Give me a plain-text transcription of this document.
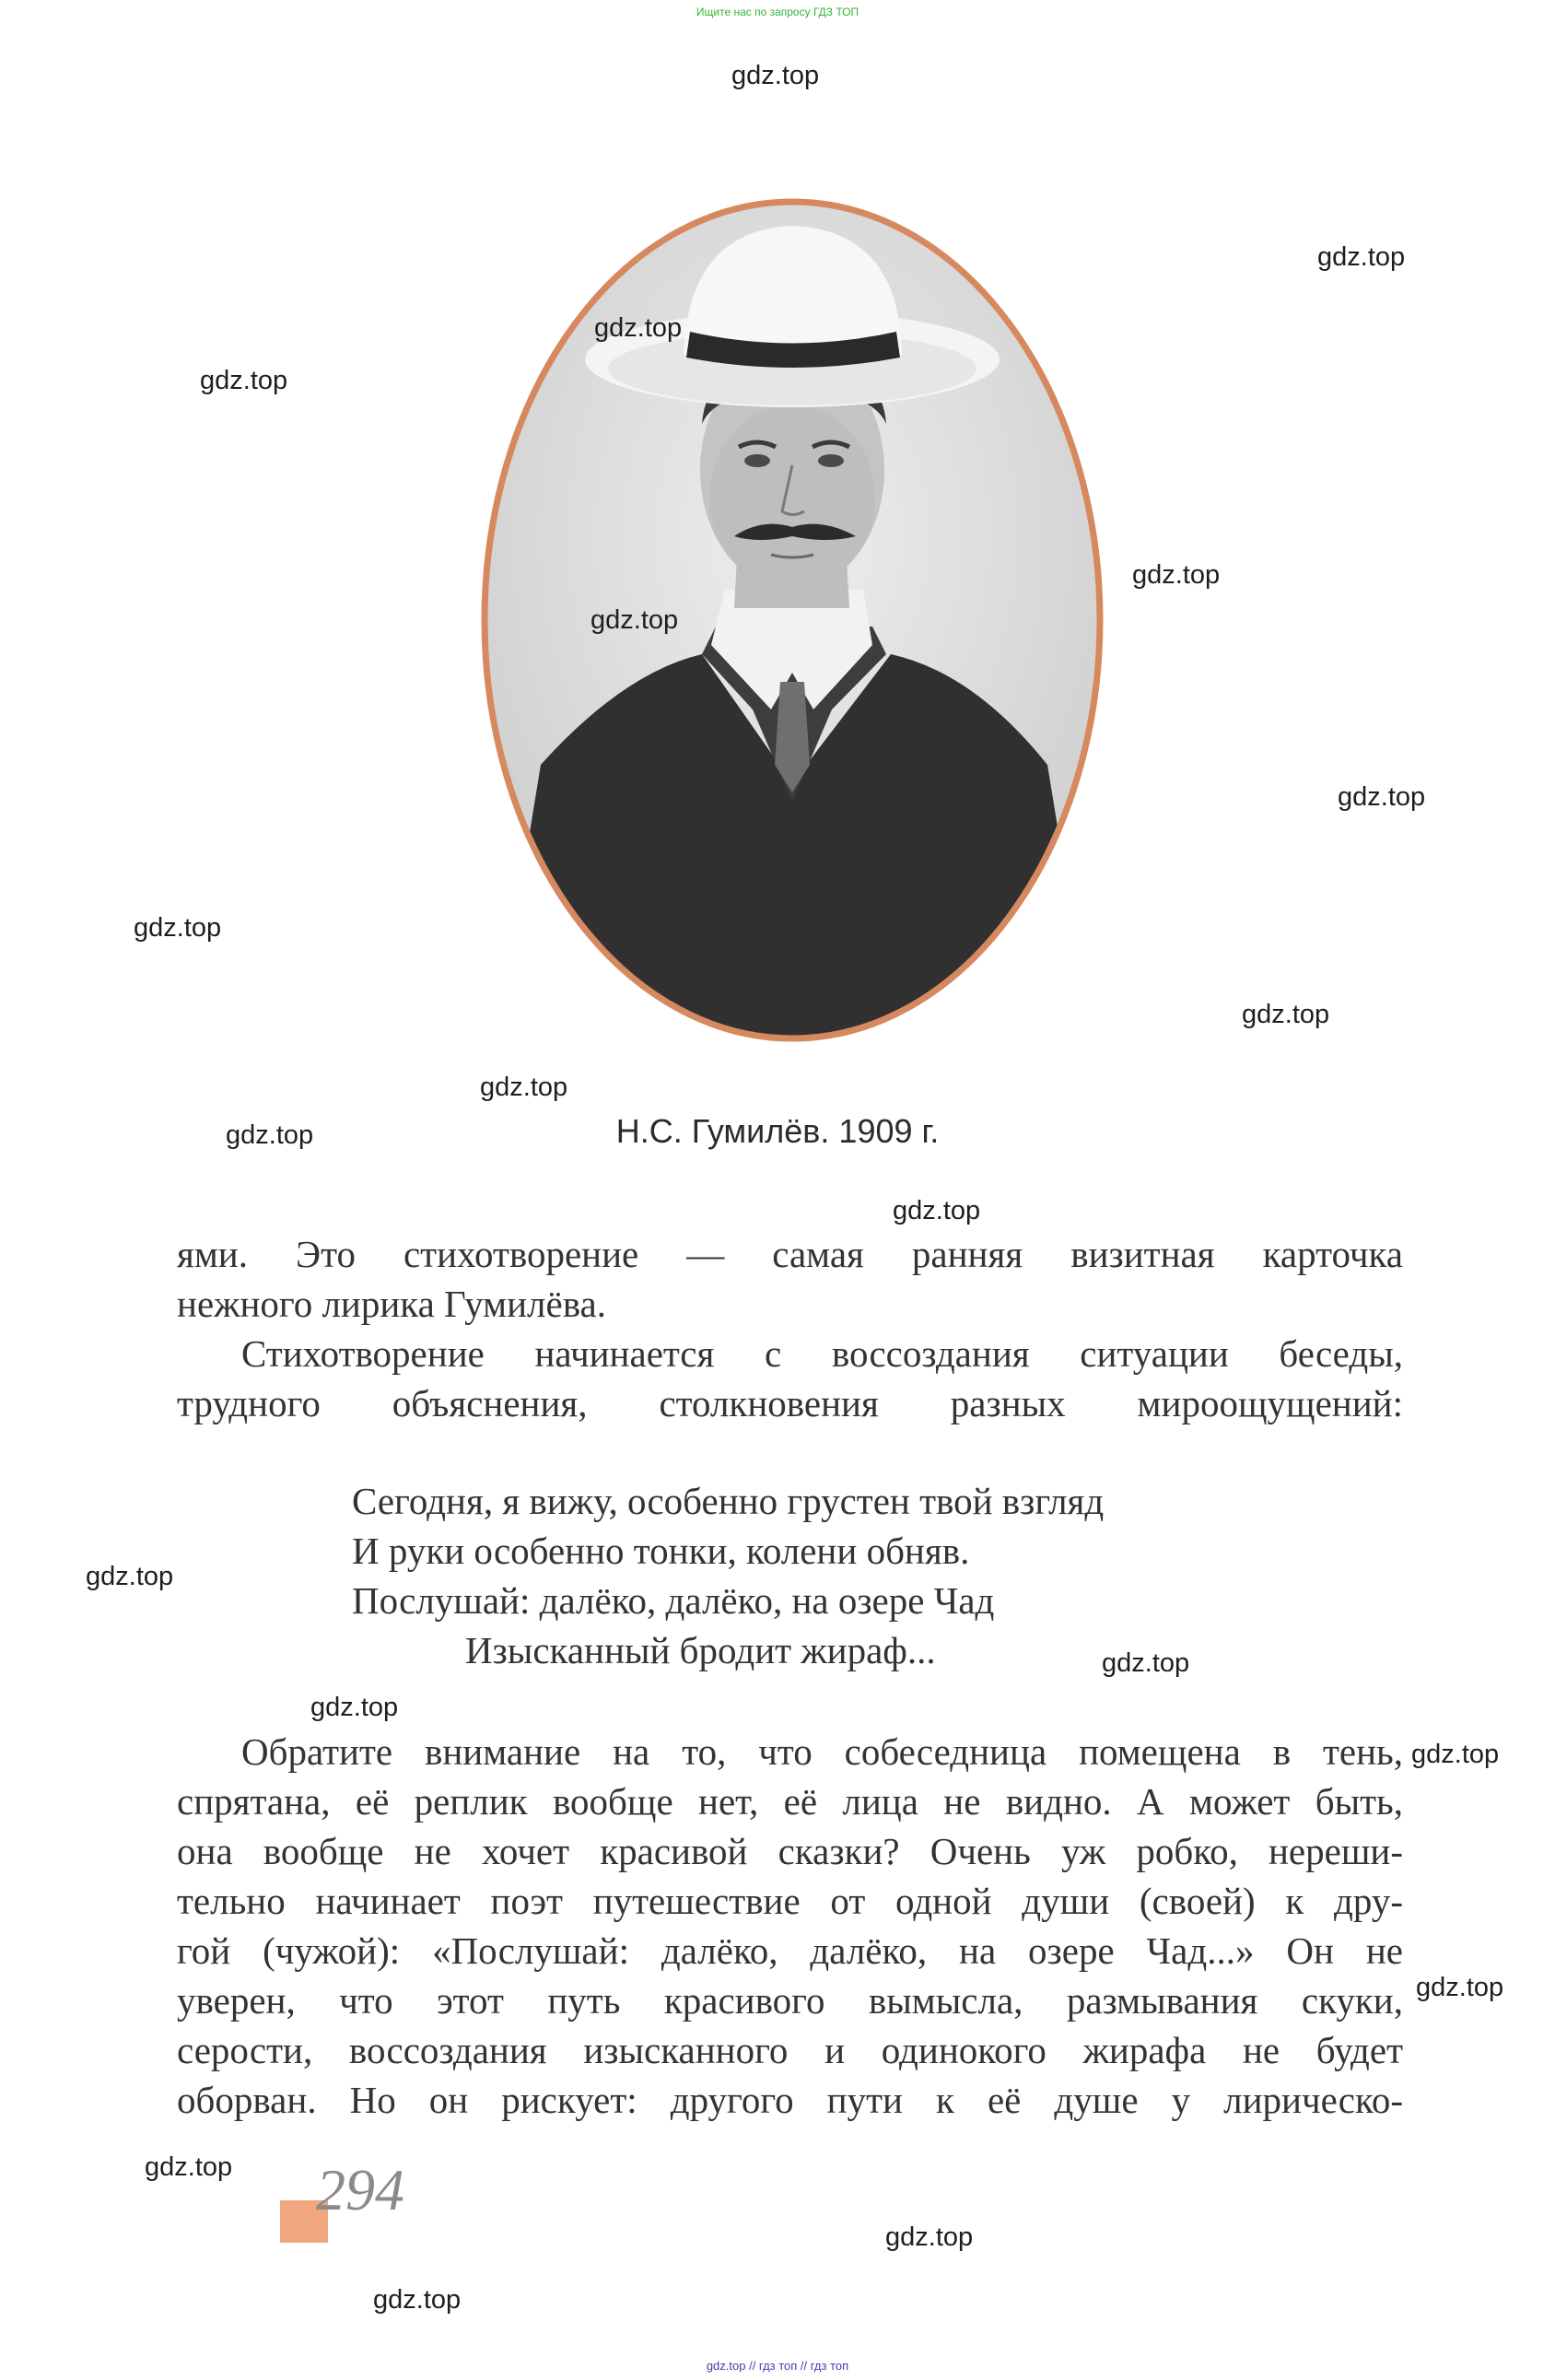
Ищите нас по запросу ГДЗ ТОП
Н.С. Гумилёв. 1909 г.
ями. Это стихотворение — самая ранняя визитная карточка
нежного лирика Гумилёва.
Стихотворение начинается с воссоздания ситуации беседы,
трудного объяснения, столкновения разных мироощущений:
Сегодня, я вижу, особенно грустен твой взгляд
И руки особенно тонки, колени обняв.
Послушай: далёко, далёко, на озере Чад
Изысканный бродит жираф...
Обратите внимание на то, что собеседница помещена в тень,
спрятана, её реплик вообще нет, её лица не видно. А может быть,
она вообще не хочет красивой сказки? Очень уж робко, нереши-
тельно начинает поэт путешествие от одной души (своей) к дру-
гой (чужой): «Послушай: далёко, далёко, на озере Чад...» Он не
уверен, что этот путь красивого вымысла, размывания скуки,
серости, воссоздания изысканного и одинокого жирафа не будет
оборван. Но он рискует: другого пути к её душе у лирическо-
294
gdz.top
gdz.top
gdz.top
gdz.top
gdz.top
gdz.top
gdz.top
gdz.top
gdz.top
gdz.top
gdz.top
gdz.top
gdz.top
gdz.top
gdz.top
gdz.top
gdz.top
gdz.top
gdz.top
gdz.top
gdz.top // гдз топ // гдз топ
